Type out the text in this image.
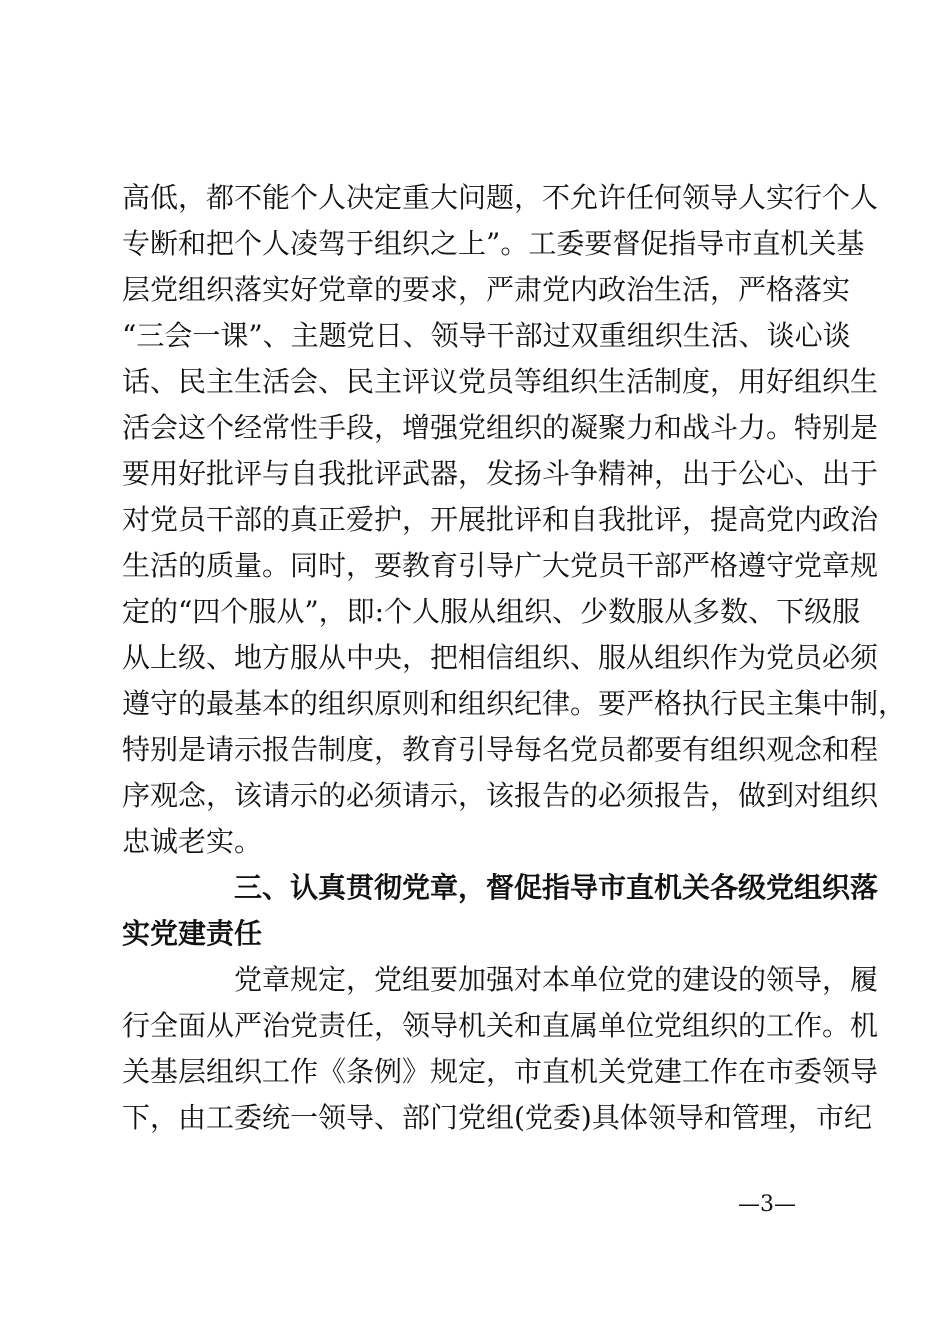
高低，都不能个人决定重大问题，不允许任何领导人实行个人
专断和把个人凌驾于组织之上”。工委要督促指导市直机关基
层党组织落实好党章的要求，严肃党内政治生活，严格落实
“三会一课”、主题党日、领导干部过双重组织生活、谈心谈
话、民主生活会、民主评议党员等组织生活制度，用好组织生
活会这个经常性手段，增强党组织的凝聚力和战斗力。特别是
要用好批评与自我批评武器，发扬斗争精神，出于公心、出于
对党员干部的真正爱护，开展批评和自我批评，提高党内政治
生活的质量。同时，要教育引导广大党员干部严格遵守党章规
定的“四个服从”，即:个人服从组织、少数服从多数、下级服
从上级、地方服从中央，把相信组织、服从组织作为党员必须
遵守的最基本的组织原则和组织纪律。要严格执行民主集中制，
特别是请示报告制度，教育引导每名党员都要有组织观念和程
序观念，该请示的必须请示，该报告的必须报告，做到对组织
忠诚老实。
三、认真贯彻党章，督促指导市直机关各级党组织落
实党建责任
党章规定，党组要加强对本单位党的建设的领导，履
行全面从严治党责任，领导机关和直属单位党组织的工作。机
关基层组织工作《条例》规定，市直机关党建工作在市委领导
下，由工委统一领导、部门党组(党委)具体领导和管理，市纪
—3—
